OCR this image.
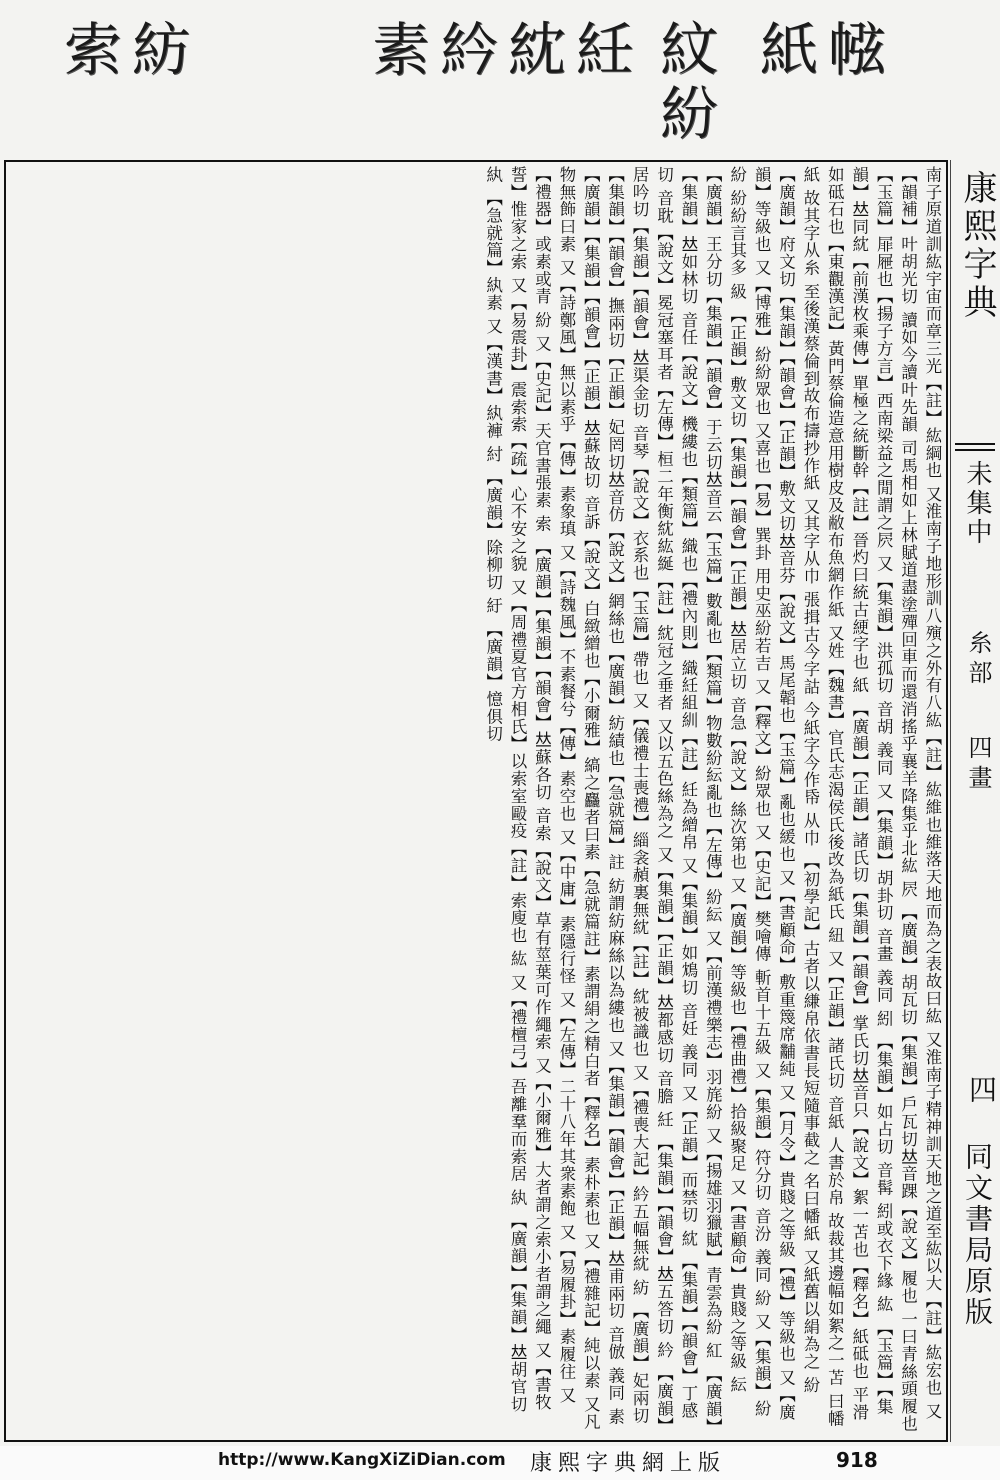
㡉
紙
紋
紛
紝
紞
紟
素
紡
索
南子原道訓紘宇宙而章三光【註】紘綱也 又淮南子地形訓八殥之外有八紘【註】紘維也維落天地而為之表故曰紘 又淮南子精神訓天地之道至紘以大【註】紘宏也 又【韻補】叶胡光切 讀如今讀叶先韻 司馬相如上林賦道盡塗殫回車而還消搖乎襄羊降集乎北紘 屄 【廣韻】胡瓦切【集韻】戶瓦切𠀤音踝【說文】履也 一曰青絲頭履也【玉篇】屝屜也【揚子方言】西南梁益之閒謂之屄 又【集韻】洪孤切 音胡 義同 又【集韻】胡卦切 音畫 義同 紖 【集韻】如占切 音髯 紖或衣下緣 紘 【玉篇】【集韻】𠀤同紞【前漢枚乘傳】單極之統斷幹【註】晉灼曰統古綆字也 紙 【廣韻】【正韻】諸氏切【集韻】【韻會】掌氏切𠀤音只【說文】絮一苫也【釋名】紙砥也 平滑如砥石也【東觀漢記】黃門蔡倫造意用樹皮及敝布魚網作紙 又姓【魏書】官氏志渴侯氏後改為紙氏 紐 又【正韻】諸氏切 音紙 人書於帛 故裁其邊幅如絮之一苫 曰幡紙 故其字从糸 至後漢蔡倫到故布擣抄作紙 又其字从巾 張揖古今字詁 今紙字今作帋 从巾 【初學記】古者以縑帛依書長短隨事截之 名曰幡紙 又紙舊以絹為之 紛 【廣韻】府文切【集韻】【韻會】【正韻】敷文切𠀤音芬【說文】馬尾韜也【玉篇】亂也緩也 又【書顧命】敷重篾席黼純 又【月令】貴賤之等級【禮】等級也 又【廣韻】等級也 又【博雅】紛紛眾也 又喜也【易】巽卦 用史巫紛若吉 又【釋文】紛眾也 又【史記】樊噲傳 斬首十五級 又【集韻】符分切 音汾 義同 紛 又【集韻】紛紛 紛紛言其多 級 【正韻】敷文切【集韻】【韻會】【正韻】𠀤居立切 音急【說文】絲次第也 又【廣韻】等級也【禮曲禮】拾級聚足 又【書顧命】貴賤之等級 紜 【廣韻】王分切【集韻】【韻會】于云切𠀤音云【玉篇】數亂也【類篇】物數紛紜亂也【左傳】紛紜 又【前漢禮樂志】羽旄紛 又【揚雄羽獵賦】青雲為紛 紅 【廣韻】【集韻】𠀤如林切 音任【說文】機縷也【類篇】織也【禮內則】織紝組紃【註】紝為繒帛 又【集韻】如鴆切 音妊 義同 又【正韻】而禁切 紞 【集韻】【韻會】丁感切 音耽【說文】冕冠塞耳者【左傳】桓二年衡紞紘綖【註】紞冠之垂者 又以五色絲為之 又【集韻】【正韻】𠀤都感切 音膽 紝 【集韻】【韻會】𠀤五答切 紟 【廣韻】居吟切【集韻】【韻會】𠀤渠金切 音琴【說文】衣系也【玉篇】帶也 又【儀禮士喪禮】緇衾赬裏無紞【註】紞被識也 又【禮喪大記】紟五幅無紞 紡 【廣韻】妃兩切【集韻】【韻會】撫兩切【正韻】妃罔切𠀤音仿【說文】網絲也【廣韻】紡績也【急就篇】註 紡謂紡麻絲以為縷也 又【集韻】【韻會】【正韻】𠀤甫兩切 音倣 義同 素 【廣韻】【集韻】【韻會】【正韻】𠀤蘇故切 音訴【說文】白緻繒也【小爾雅】縞之麤者曰素【急就篇註】素謂絹之精白者【釋名】素朴素也 又【禮雜記】純以素 又凡物無飾曰素 又【詩鄭風】無以素乎【傳】素象瑱 又【詩魏風】不素餐兮【傳】素空也 又【中庸】素隱行怪 又【左傳】二十八年其衆素飽 又【易履卦】素履往 又【禮器】或素或青 紛 又【史記】天官書張素 索 【廣韻】【集韻】【韻會】𠀤蘇各切 音索【說文】草有莖葉可作繩索 又【小爾雅】大者謂之索小者謂之繩 又【書牧誓】惟家之索 又【易震卦】震索索【疏】心不安之貌 又【周禮夏官方相氏】以索室毆疫【註】索廋也 紘 又【禮檀弓】吾離羣而索居 紈 【廣韻】【集韻】𠀤胡官切 紈 【急就篇】紈素 又【漢書】紈褲 紂 【廣韻】除柳切 紆 【廣韻】憶俱切	康熙字典
未集中
糸部
四畫
四
同文書局原版
http://www.KangXiZiDian.com 康熙字典網上版	918
